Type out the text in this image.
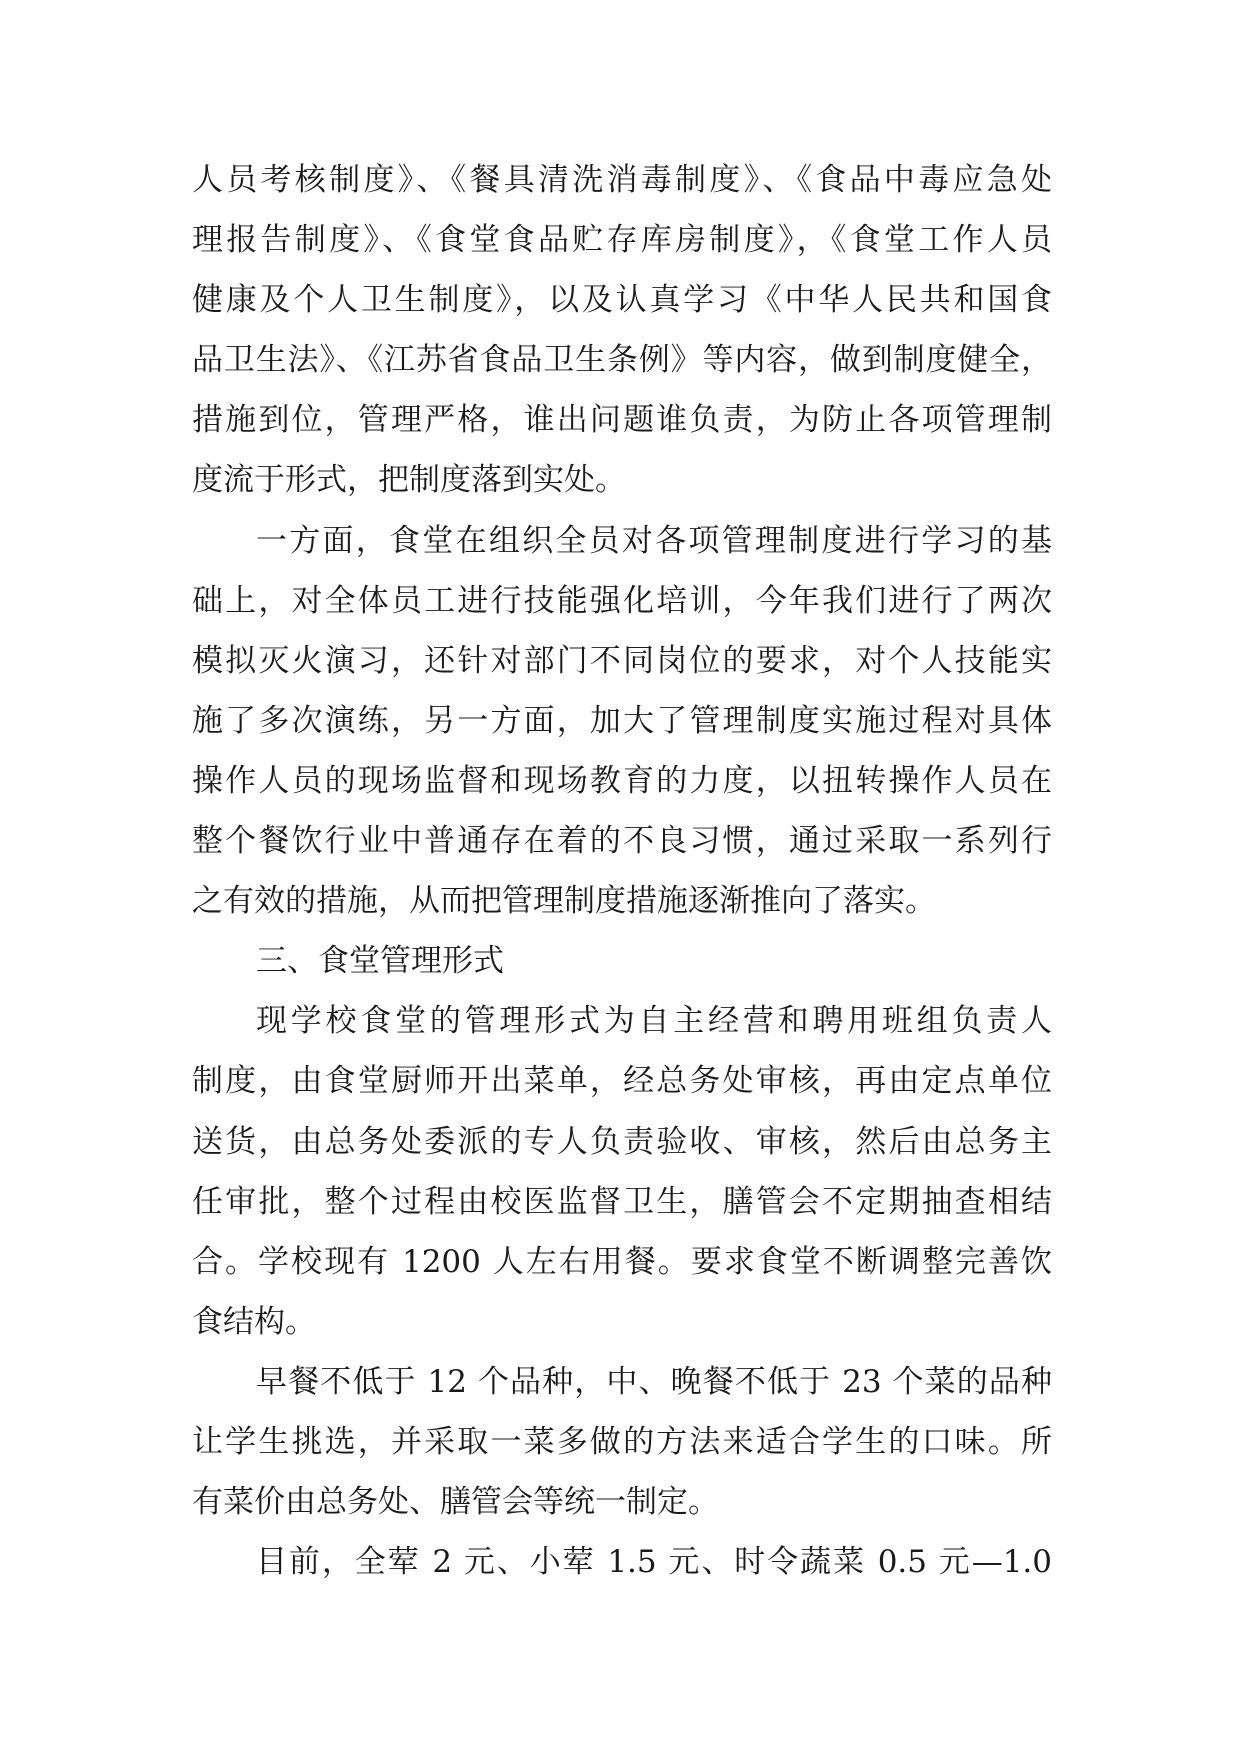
人员考核制度》、《餐具清洗消毒制度》、《食品中毒应急处
理报告制度》、《食堂食品贮存库房制度》，《食堂工作人员
健康及个人卫生制度》，以及认真学习《中华人民共和国食
品卫生法》、《江苏省食品卫生条例》等内容，做到制度健全，
措施到位，管理严格，谁出问题谁负责，为防止各项管理制
度流于形式，把制度落到实处。
一方面，食堂在组织全员对各项管理制度进行学习的基
础上，对全体员工进行技能强化培训，今年我们进行了两次
模拟灭火演习，还针对部门不同岗位的要求，对个人技能实
施了多次演练，另一方面，加大了管理制度实施过程对具体
操作人员的现场监督和现场教育的力度，以扭转操作人员在
整个餐饮行业中普通存在着的不良习惯，通过采取一系列行
之有效的措施，从而把管理制度措施逐渐推向了落实。
三、食堂管理形式
现学校食堂的管理形式为自主经营和聘用班组负责人
制度，由食堂厨师开出菜单，经总务处审核，再由定点单位
送货，由总务处委派的专人负责验收、审核，然后由总务主
任审批，整个过程由校医监督卫生，膳管会不定期抽查相结
合。学校现有 1200 人左右用餐。要求食堂不断调整完善饮
食结构。
早餐不低于 12 个品种，中、晚餐不低于 23 个菜的品种
让学生挑选，并采取一菜多做的方法来适合学生的口味。所
有菜价由总务处、膳管会等统一制定。
目前，全荤 2 元、小荤 1.5 元、时令蔬菜 0.5 元—1.0
